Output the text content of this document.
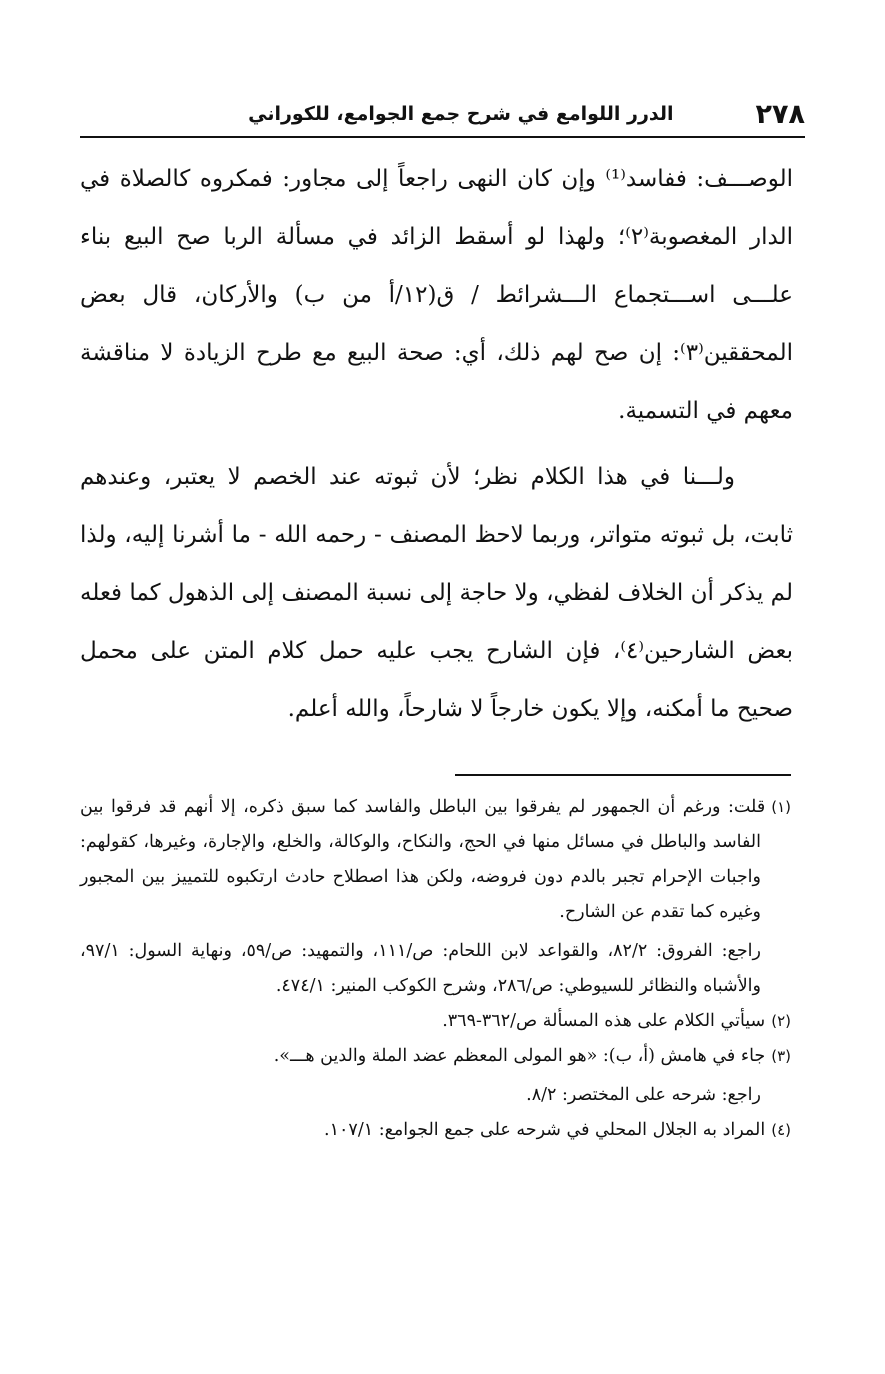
٢٧٨
الدرر اللوامع في شرح جمع الجوامع، للكوراني

الوصـــف: ففاسد⁽¹⁾ وإن كان النهى راجعاً إلى مجاور: فمكروه كالصلاة في الدار المغصوبة⁽٢⁾؛ ولهذا لو أسقط الزائد في مسألة الربا صح البيع بناء علـــى اســـتجماع الـــشرائط / ق(١٢/أ من ب) والأركان، قال بعض المحققين⁽٣⁾: إن صح لهم ذلك، أي: صحة البيع مع طرح الزيادة لا مناقشة معهم في التسمية.

ولـــنا في هذا الكلام نظر؛ لأن ثبوته عند الخصم لا يعتبر، وعندهم ثابت، بل ثبوته متواتر، وربما لاحظ المصنف - رحمه الله - ما أشرنا إليه، ولذا لم يذكر أن الخلاف لفظي، ولا حاجة إلى نسبة المصنف إلى الذهول كما فعله بعض الشارحين⁽٤⁾، فإن الشارح يجب عليه حمل كلام المتن على محمل صحيح ما أمكنه، وإلا يكون خارجاً لا شارحاً، والله أعلم.

(١)قلت: ورغم أن الجمهور لم يفرقوا بين الباطل والفاسد كما سبق ذكره، إلا أنهم قد فرقوا بين الفاسد والباطل في مسائل منها في الحج، والنكاح، والوكالة، والخلع، والإجارة، وغيرها، كقولهم: واجبات الإحرام تجبر بالدم دون فروضه، ولكن هذا اصطلاح حادث ارتكبوه للتمييز بين المجبور وغيره كما تقدم عن الشارح.

راجع: الفروق: ٨٢/٢، والقواعد لابن اللحام: ص/١١١، والتمهيد: ص/٥٩، ونهاية السول: ٩٧/١، والأشباه والنظائر للسيوطي: ص/٢٨٦، وشرح الكوكب المنير: ٤٧٤/١.

(٢)سيأتي الكلام على هذه المسألة ص/٣٦٢-٣٦٩.

(٣)جاء في هامش (أ، ب): «هو المولى المعظم عضد الملة والدين هـــ».

راجع: شرحه على المختصر: ٨/٢.

(٤)المراد به الجلال المحلي في شرحه على جمع الجوامع: ١٠٧/١.
